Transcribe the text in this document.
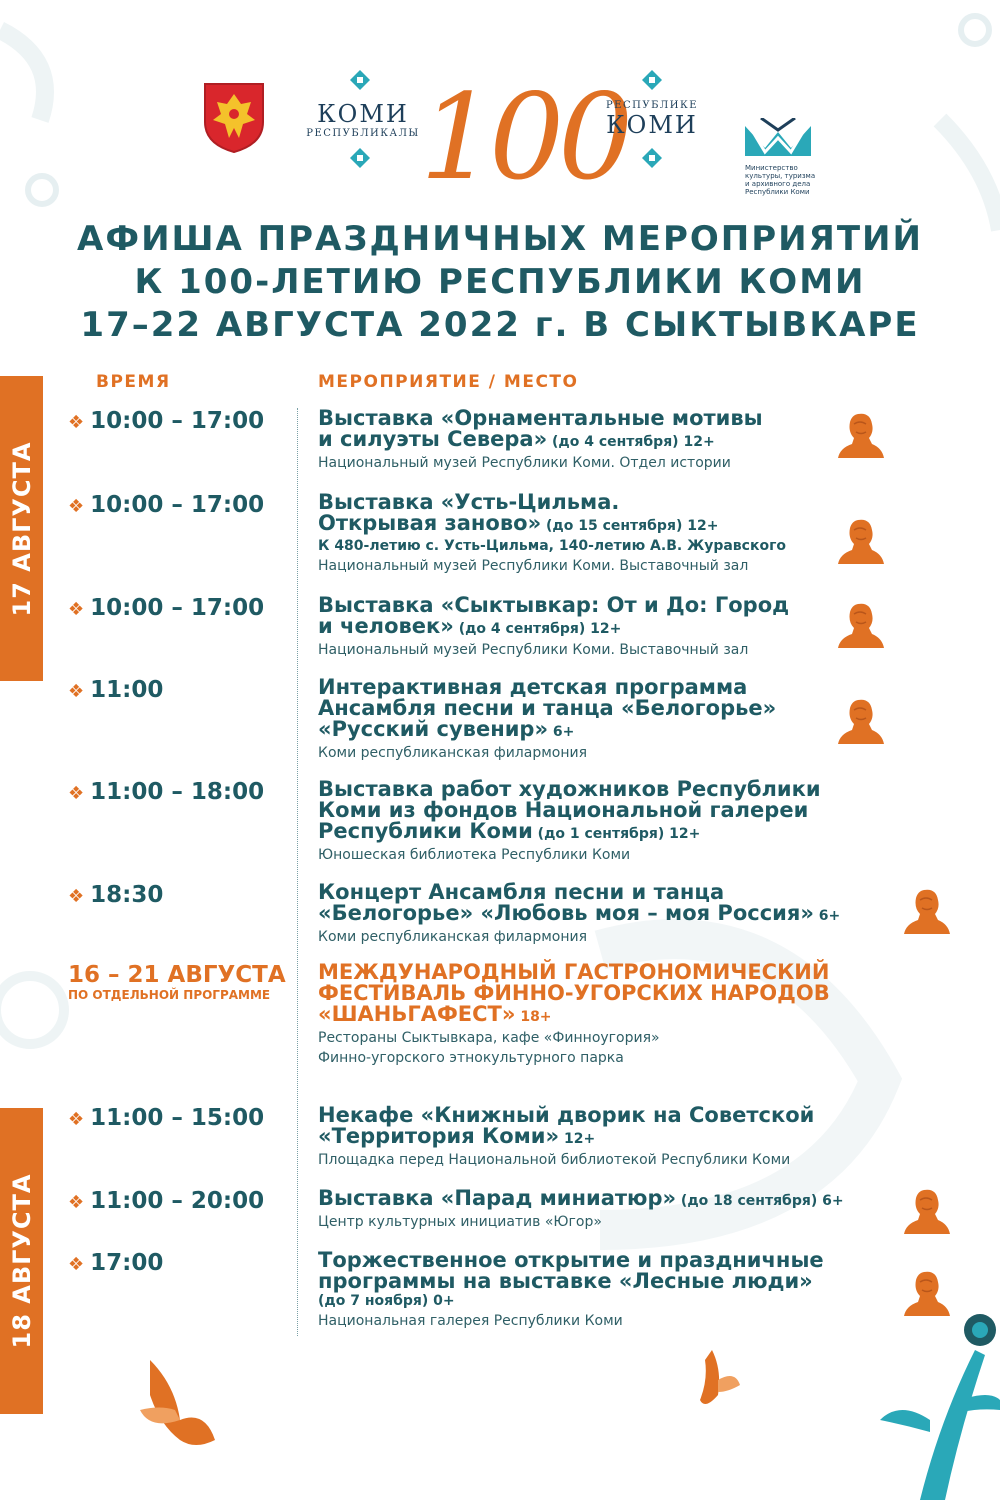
КОМИ
РЕСПУБЛИКАЛЫ 100
РЕСПУБЛИКЕ
КОМИ
Министерство
культуры, туризма
и архивного дела
Республики Коми
АФИША ПРАЗДНИЧНЫХ МЕРОПРИЯТИЙ
К 100-ЛЕТИЮ РЕСПУБЛИКИ КОМИ
17–22 АВГУСТА 2022 г. В СЫКТЫВКАРЕ
ВРЕМЯ	МЕРОПРИЯТИЕ / МЕСТО
17 АВГУСТА
18 АВГУСТА
❖ 10:00 – 17:00	Выставка «Орнаментальные мотивы
и силуэты Севера» (до 4 сентября) 12+
Национальный музей Республики Коми. Отдел истории
❖ 10:00 – 17:00	Выставка «Усть-Цильма.
Открывая заново» (до 15 сентября) 12+
К 480-летию с. Усть-Цильма, 140-летию А.В. Журавского
Национальный музей Республики Коми. Выставочный зал
❖ 10:00 – 17:00	Выставка «Сыктывкар: От и До: Город
и человек» (до 4 сентября) 12+
Национальный музей Республики Коми. Выставочный зал
❖ 11:00	Интерактивная детская программа
Ансамбля песни и танца «Белогорье»
«Русский сувенир» 6+
Коми республиканская филармония
❖ 11:00 – 18:00	Выставка работ художников Республики
Коми из фондов Национальной галереи
Республики Коми (до 1 сентября) 12+
Юношеская библиотека Республики Коми
❖ 18:30	Концерт Ансамбля песни и танца
«Белогорье» «Любовь моя – моя Россия» 6+
Коми республиканская филармония
16 – 21 АВГУСТА
ПО ОТДЕЛЬНОЙ ПРОГРАММЕ
МЕЖДУНАРОДНЫЙ ГАСТРОНОМИЧЕСКИЙ
ФЕСТИВАЛЬ ФИННО-УГОРСКИХ НАРОДОВ
«ШАНЬГАФЕСТ» 18+
Рестораны Сыктывкара, кафе «Финноугория»
Финно-угорского этнокультурного парка
❖ 11:00 – 15:00	Некафе «Книжный дворик на Советской
«Территория Коми» 12+
Площадка перед Национальной библиотекой Республики Коми
❖ 11:00 – 20:00	Выставка «Парад миниатюр» (до 18 сентября) 6+
Центр культурных инициатив «Югор»
❖ 17:00	Торжественное открытие и праздничные
программы на выставке «Лесные люди»
(до 7 ноября) 0+
Национальная галерея Республики Коми
